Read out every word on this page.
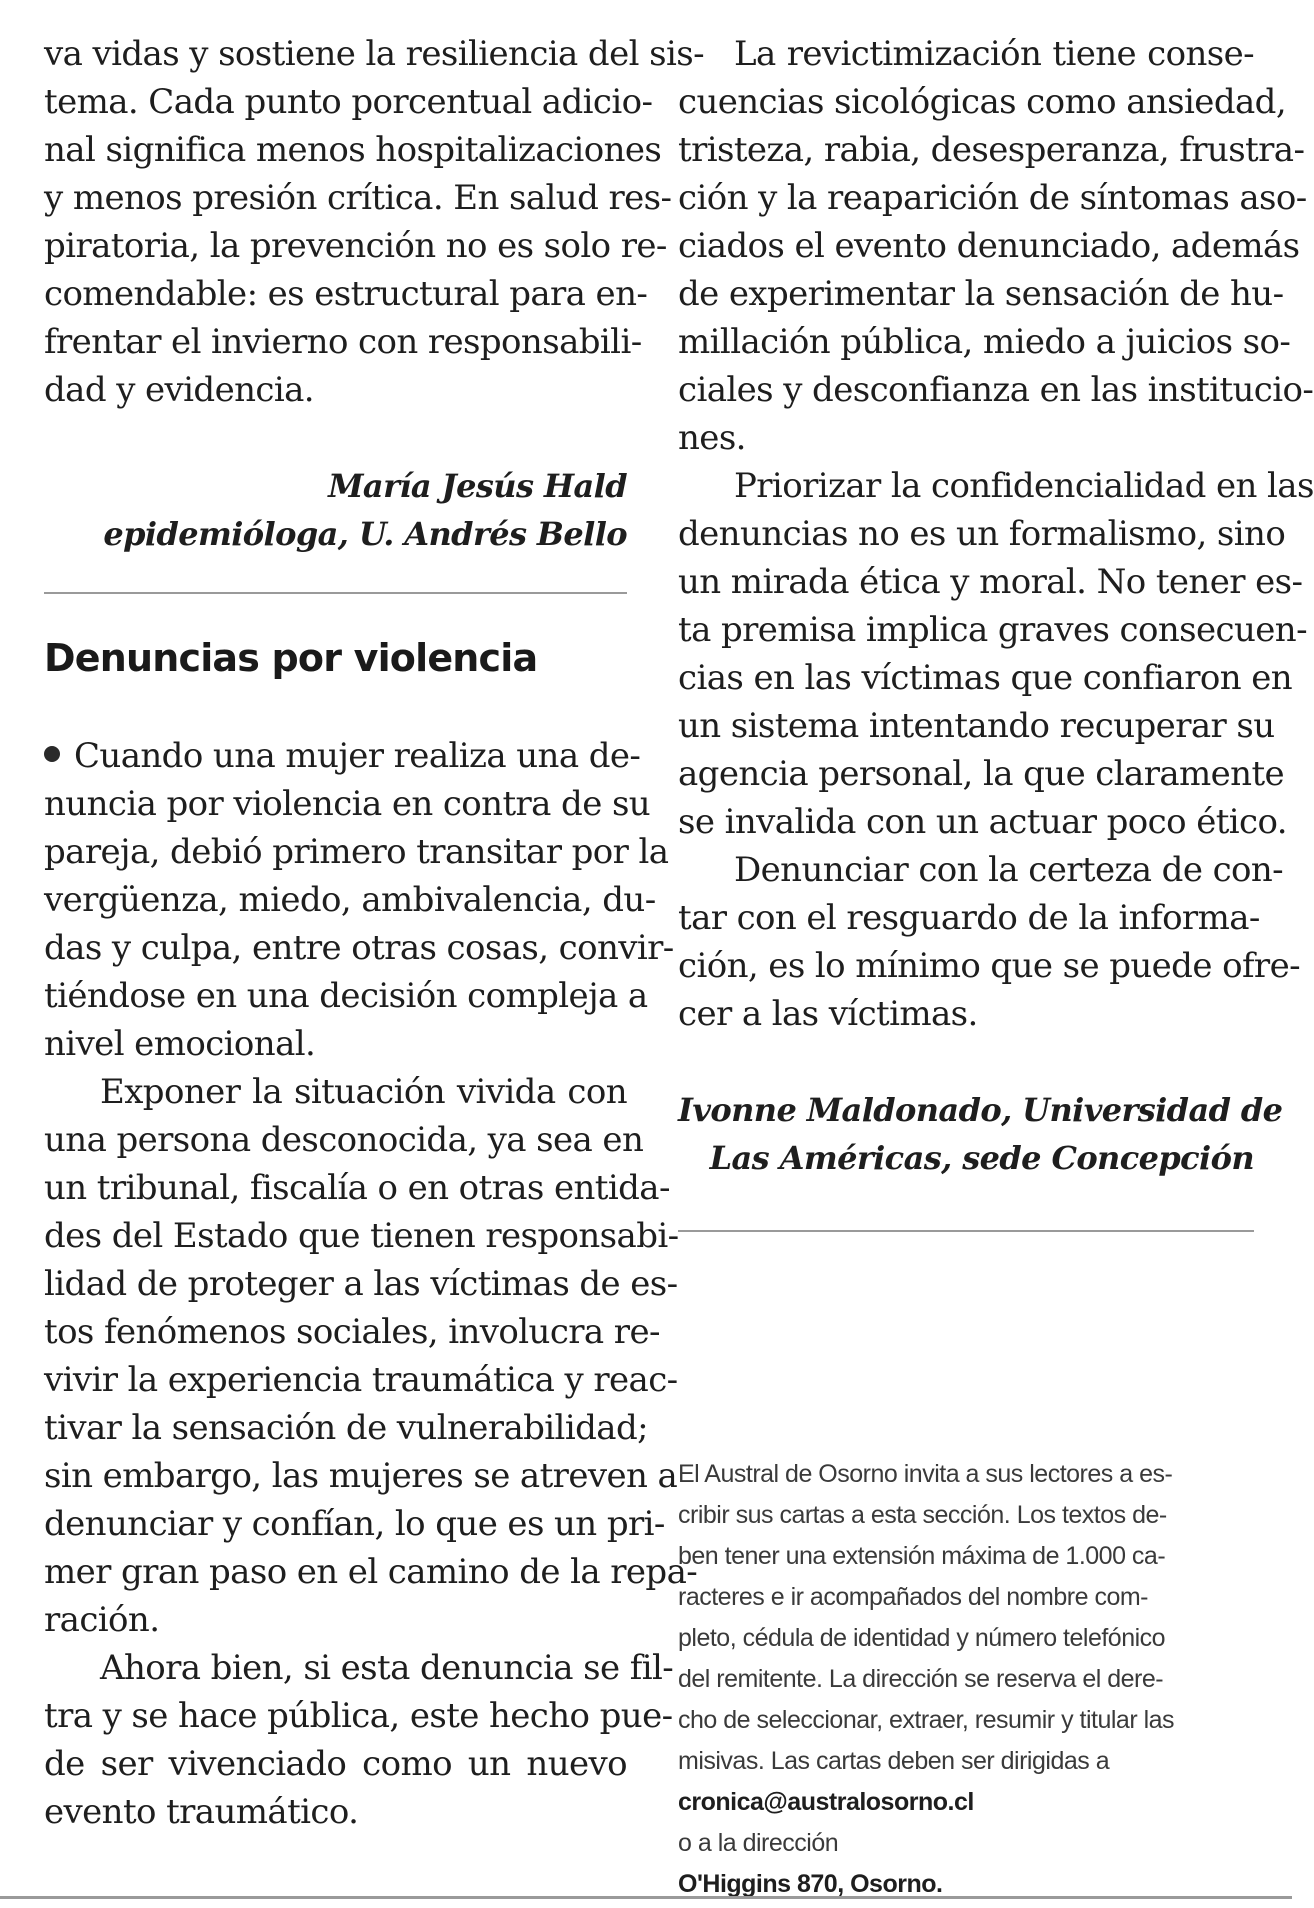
va vidas y sostiene la resiliencia del sis-
tema. Cada punto porcentual adicio-
nal significa menos hospitalizaciones
y menos presión crítica. En salud res-
piratoria, la prevención no es solo re-
comendable: es estructural para en-
frentar el invierno con responsabili-
dad y evidencia.
María Jesús Hald
epidemióloga, U. Andrés Bello
Denuncias por violencia
Cuando una mujer realiza una de-
nuncia por violencia en contra de su
pareja, debió primero transitar por la
vergüenza, miedo, ambivalencia, du-
das y culpa, entre otras cosas, convir-
tiéndose en una decisión compleja a
nivel emocional.
Exponer la situación vivida con
una persona desconocida, ya sea en
un tribunal, fiscalía o en otras entida-
des del Estado que tienen responsabi-
lidad de proteger a las víctimas de es-
tos fenómenos sociales, involucra re-
vivir la experiencia traumática y reac-
tivar la sensación de vulnerabilidad;
sin embargo, las mujeres se atreven a
denunciar y confían, lo que es un pri-
mer gran paso en el camino de la repa-
ración.
Ahora bien, si esta denuncia se fil-
tra y se hace pública, este hecho pue-
de ser vivenciado como un nuevo
evento traumático.
La revictimización tiene conse-
cuencias sicológicas como ansiedad,
tristeza, rabia, desesperanza, frustra-
ción y la reaparición de síntomas aso-
ciados el evento denunciado, además
de experimentar la sensación de hu-
millación pública, miedo a juicios so-
ciales y desconfianza en las institucio-
nes.
Priorizar la confidencialidad en las
denuncias no es un formalismo, sino
un mirada ética y moral. No tener es-
ta premisa implica graves consecuen-
cias en las víctimas que confiaron en
un sistema intentando recuperar su
agencia personal, la que claramente
se invalida con un actuar poco ético.
Denunciar con la certeza de con-
tar con el resguardo de la informa-
ción, es lo mínimo que se puede ofre-
cer a las víctimas.
Ivonne Maldonado, Universidad de
Las Américas, sede Concepción
El Austral de Osorno invita a sus lectores a es-
cribir sus cartas a esta sección. Los textos de-
ben tener una extensión máxima de 1.000 ca-
racteres e ir acompañados del nombre com-
pleto, cédula de identidad y número telefónico
del remitente. La dirección se reserva el dere-
cho de seleccionar, extraer, resumir y titular las
misivas. Las cartas deben ser dirigidas a
cronica@australosorno.cl
o a la dirección
O'Higgins 870, Osorno.
